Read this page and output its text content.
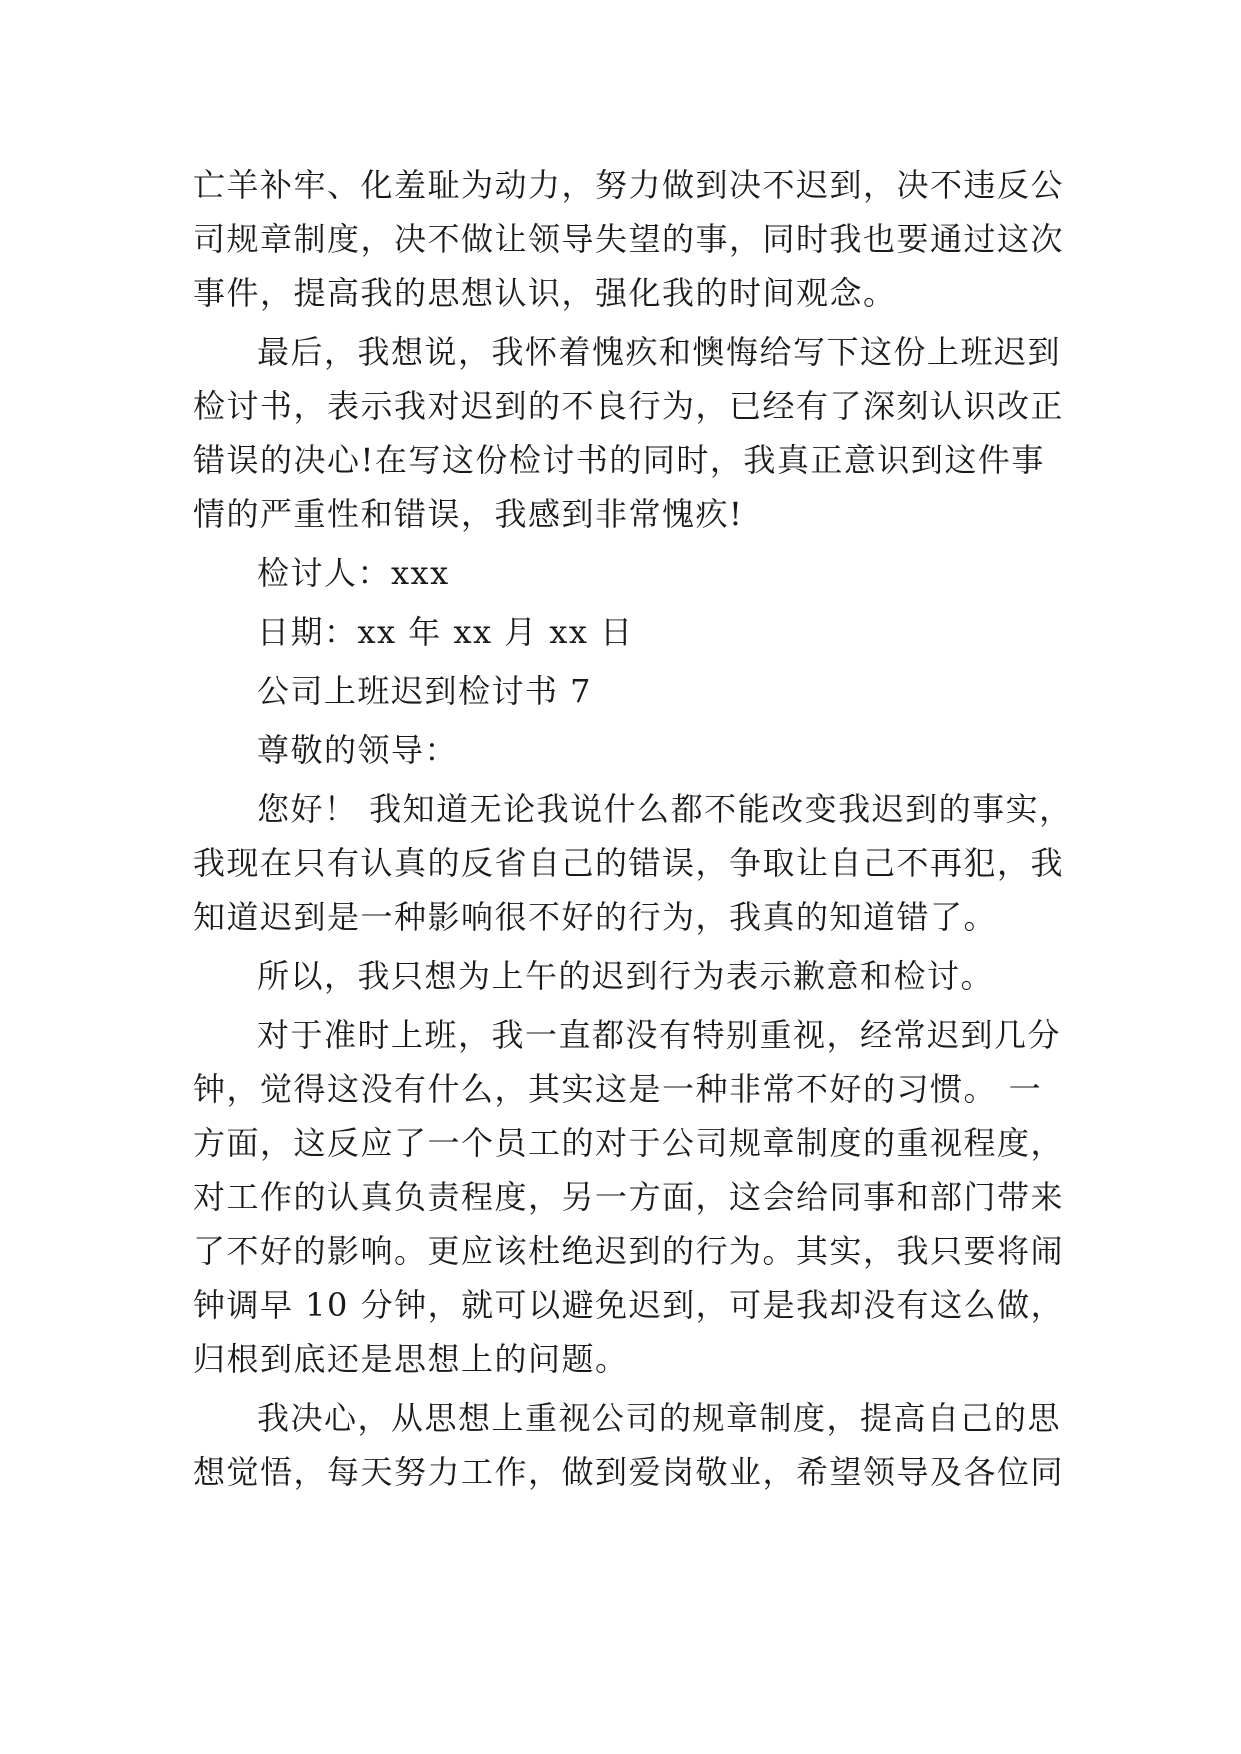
亡羊补牢、化羞耻为动力，努力做到决不迟到，决不违反公
司规章制度，决不做让领导失望的事，同时我也要通过这次
事件，提高我的思想认识，强化我的时间观念。
最后，我想说，我怀着愧疚和懊悔给写下这份上班迟到
检讨书，表示我对迟到的不良行为，已经有了深刻认识改正
错误的决心!在写这份检讨书的同时，我真正意识到这件事
情的严重性和错误，我感到非常愧疚!
检讨人：xxx
日期：xx 年 xx 月 xx 日
公司上班迟到检讨书 7
尊敬的领导：
您好！ 我知道无论我说什么都不能改变我迟到的事实，
我现在只有认真的反省自己的错误，争取让自己不再犯，我
知道迟到是一种影响很不好的行为，我真的知道错了。
所以，我只想为上午的迟到行为表示歉意和检讨。
对于准时上班，我一直都没有特别重视，经常迟到几分
钟，觉得这没有什么，其实这是一种非常不好的习惯。 一
方面，这反应了一个员工的对于公司规章制度的重视程度，
对工作的认真负责程度，另一方面，这会给同事和部门带来
了不好的影响。更应该杜绝迟到的行为。其实，我只要将闹
钟调早 10 分钟，就可以避免迟到，可是我却没有这么做，
归根到底还是思想上的问题。
我决心，从思想上重视公司的规章制度，提高自己的思
想觉悟，每天努力工作，做到爱岗敬业，希望领导及各位同
